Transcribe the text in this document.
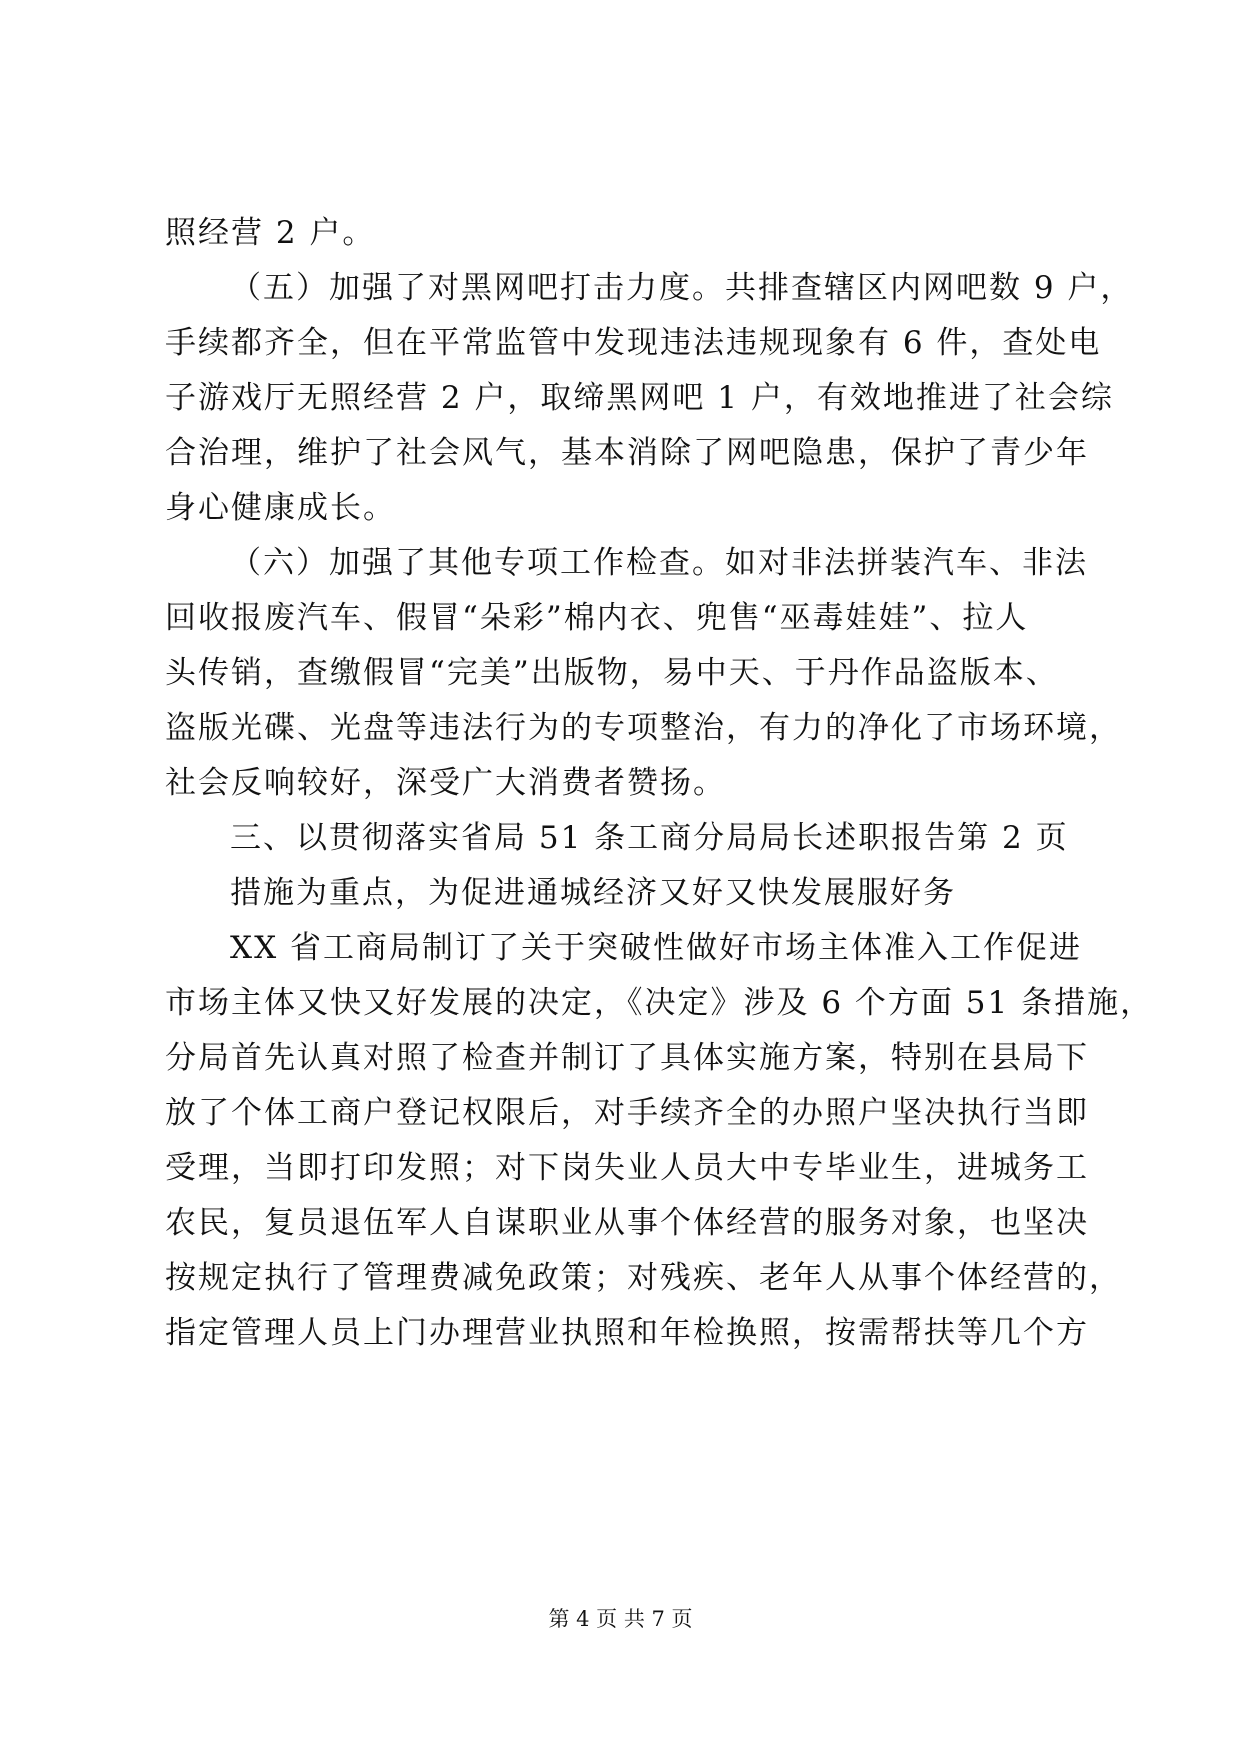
照经营 2 户。
（五）加强了对黑网吧打击力度。共排查辖区内网吧数 9 户，
手续都齐全，但在平常监管中发现违法违规现象有 6 件，查处电
子游戏厅无照经营 2 户，取缔黑网吧 1 户，有效地推进了社会综
合治理，维护了社会风气，基本消除了网吧隐患，保护了青少年
身心健康成长。
（六）加强了其他专项工作检查。如对非法拼装汽车、非法
回收报废汽车、假冒“朵彩”棉内衣、兜售“巫毒娃娃”、拉人
头传销，查缴假冒“完美”出版物，易中天、于丹作品盗版本、
盗版光碟、光盘等违法行为的专项整治，有力的净化了市场环境，
社会反响较好，深受广大消费者赞扬。
三、以贯彻落实省局 51 条工商分局局长述职报告第 2 页
措施为重点，为促进通城经济又好又快发展服好务
XX 省工商局制订了关于突破性做好市场主体准入工作促进
市场主体又快又好发展的决定，《决定》涉及 6 个方面 51 条措施，
分局首先认真对照了检查并制订了具体实施方案，特别在县局下
放了个体工商户登记权限后，对手续齐全的办照户坚决执行当即
受理，当即打印发照；对下岗失业人员大中专毕业生，进城务工
农民，复员退伍军人自谋职业从事个体经营的服务对象，也坚决
按规定执行了管理费减免政策；对残疾、老年人从事个体经营的，
指定管理人员上门办理营业执照和年检换照，按需帮扶等几个方
第 4 页 共 7 页
